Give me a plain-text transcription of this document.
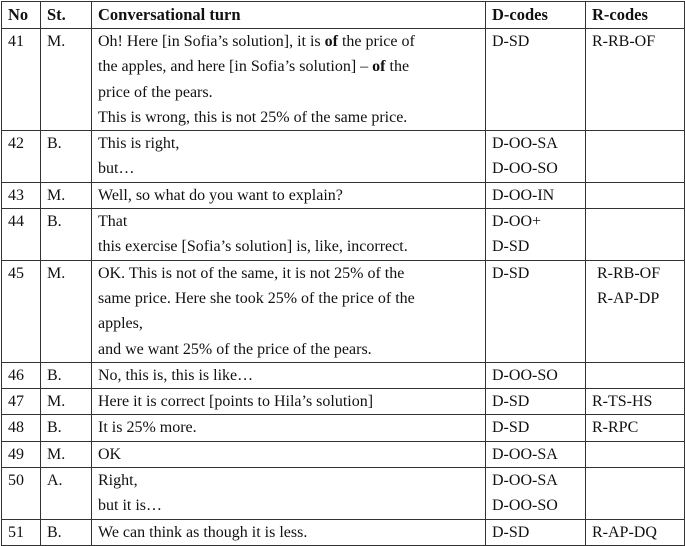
No	St.	Conversational turn	D-codes	R-codes
41	M.	Oh! Here [in Sofia’s solution], it is of the price of
the apples, and here [in Sofia’s solution] – of the
price of the pears.
This is wrong, this is not 25% of the same price.	D-SD	R-RB-OF

42	B.	This is right,
but…	D-OO-SA
D-OO-SO	

43	M.	Well, so what do you want to explain?	D-OO-IN	

44	B.	That
this exercise [Sofia’s solution] is, like, incorrect.	D-OO+
D-SD	

45	M.	OK. This is not of the same, it is not 25% of the
same price. Here she took 25% of the price of the
apples,
and we want 25% of the price of the pears.	D-SD	R-RB-OF
R-AP-DP

46	B.	No, this is, this is like…	D-OO-SO	

47	M.	Here it is correct [points to Hila’s solution]	D-SD	R-TS-HS

48	B.	It is 25% more.	D-SD	R-RPC

49	M.	OK	D-OO-SA	

50	A.	Right,
but it is…	D-OO-SA
D-OO-SO	

51	B.	We can think as though it is less.	D-SD	R-AP-DQ
